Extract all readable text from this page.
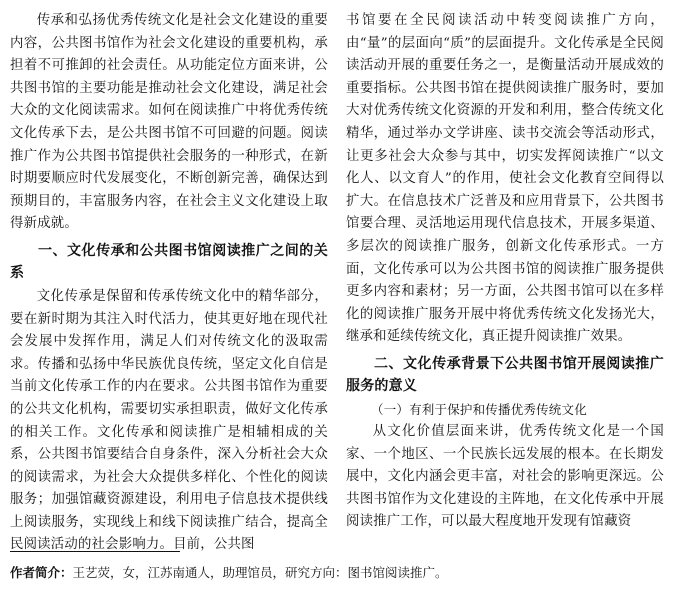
传承和弘扬优秀传统文化是社会文化建设的重要内容，公共图书馆作为社会文化建设的重要机构，承担着不可推卸的社会责任。从功能定位方面来讲，公共图书馆的主要功能是推动社会文化建设，满足社会大众的文化阅读需求。如何在阅读推广中将优秀传统文化传承下去，是公共图书馆不可回避的问题。阅读推广作为公共图书馆提供社会服务的一种形式，在新时期要顺应时代发展变化，不断创新完善，确保达到预期目的，丰富服务内容，在社会主义文化建设上取得新成就。

一、文化传承和公共图书馆阅读推广之间的关系

文化传承是保留和传承传统文化中的精华部分，要在新时期为其注入时代活力，使其更好地在现代社会发展中发挥作用，满足人们对传统文化的汲取需求。传播和弘扬中华民族优良传统，坚定文化自信是当前文化传承工作的内在要求。公共图书馆作为重要的公共文化机构，需要切实承担职责，做好文化传承的相关工作。文化传承和阅读推广是相辅相成的关系，公共图书馆要结合自身条件，深入分析社会大众的阅读需求，为社会大众提供多样化、个性化的阅读服务；加强馆藏资源建设，利用电子信息技术提供线上阅读服务，实现线上和线下阅读推广结合，提高全民阅读活动的社会影响力。目前，公共图

书馆要在全民阅读活动中转变阅读推广方向，由“量”的层面向“质”的层面提升。文化传承是全民阅读活动开展的重要任务之一，是衡量活动开展成效的重要指标。公共图书馆在提供阅读推广服务时，要加大对优秀传统文化资源的开发和利用，整合传统文化精华，通过举办文学讲座、读书交流会等活动形式，让更多社会大众参与其中，切实发挥阅读推广“以文化人、以文育人”的作用，使社会文化教育空间得以扩大。在信息技术广泛普及和应用背景下，公共图书馆要合理、灵活地运用现代信息技术，开展多渠道、多层次的阅读推广服务，创新文化传承形式。一方面，文化传承可以为公共图书馆的阅读推广服务提供更多内容和素材；另一方面，公共图书馆可以在多样化的阅读推广服务开展中将优秀传统文化发扬光大，继承和延续传统文化，真正提升阅读推广效果。

二、文化传承背景下公共图书馆开展阅读推广服务的意义
（一）有利于保护和传播优秀传统文化

从文化价值层面来讲，优秀传统文化是一个国家、一个地区、一个民族长远发展的根本。在长期发展中，文化内涵会更丰富，对社会的影响更深远。公共图书馆作为文化建设的主阵地，在文化传承中开展阅读推广工作，可以最大程度地开发现有馆藏资

作者简介：王艺荧，女，江苏南通人，助理馆员，研究方向：图书馆阅读推广。
